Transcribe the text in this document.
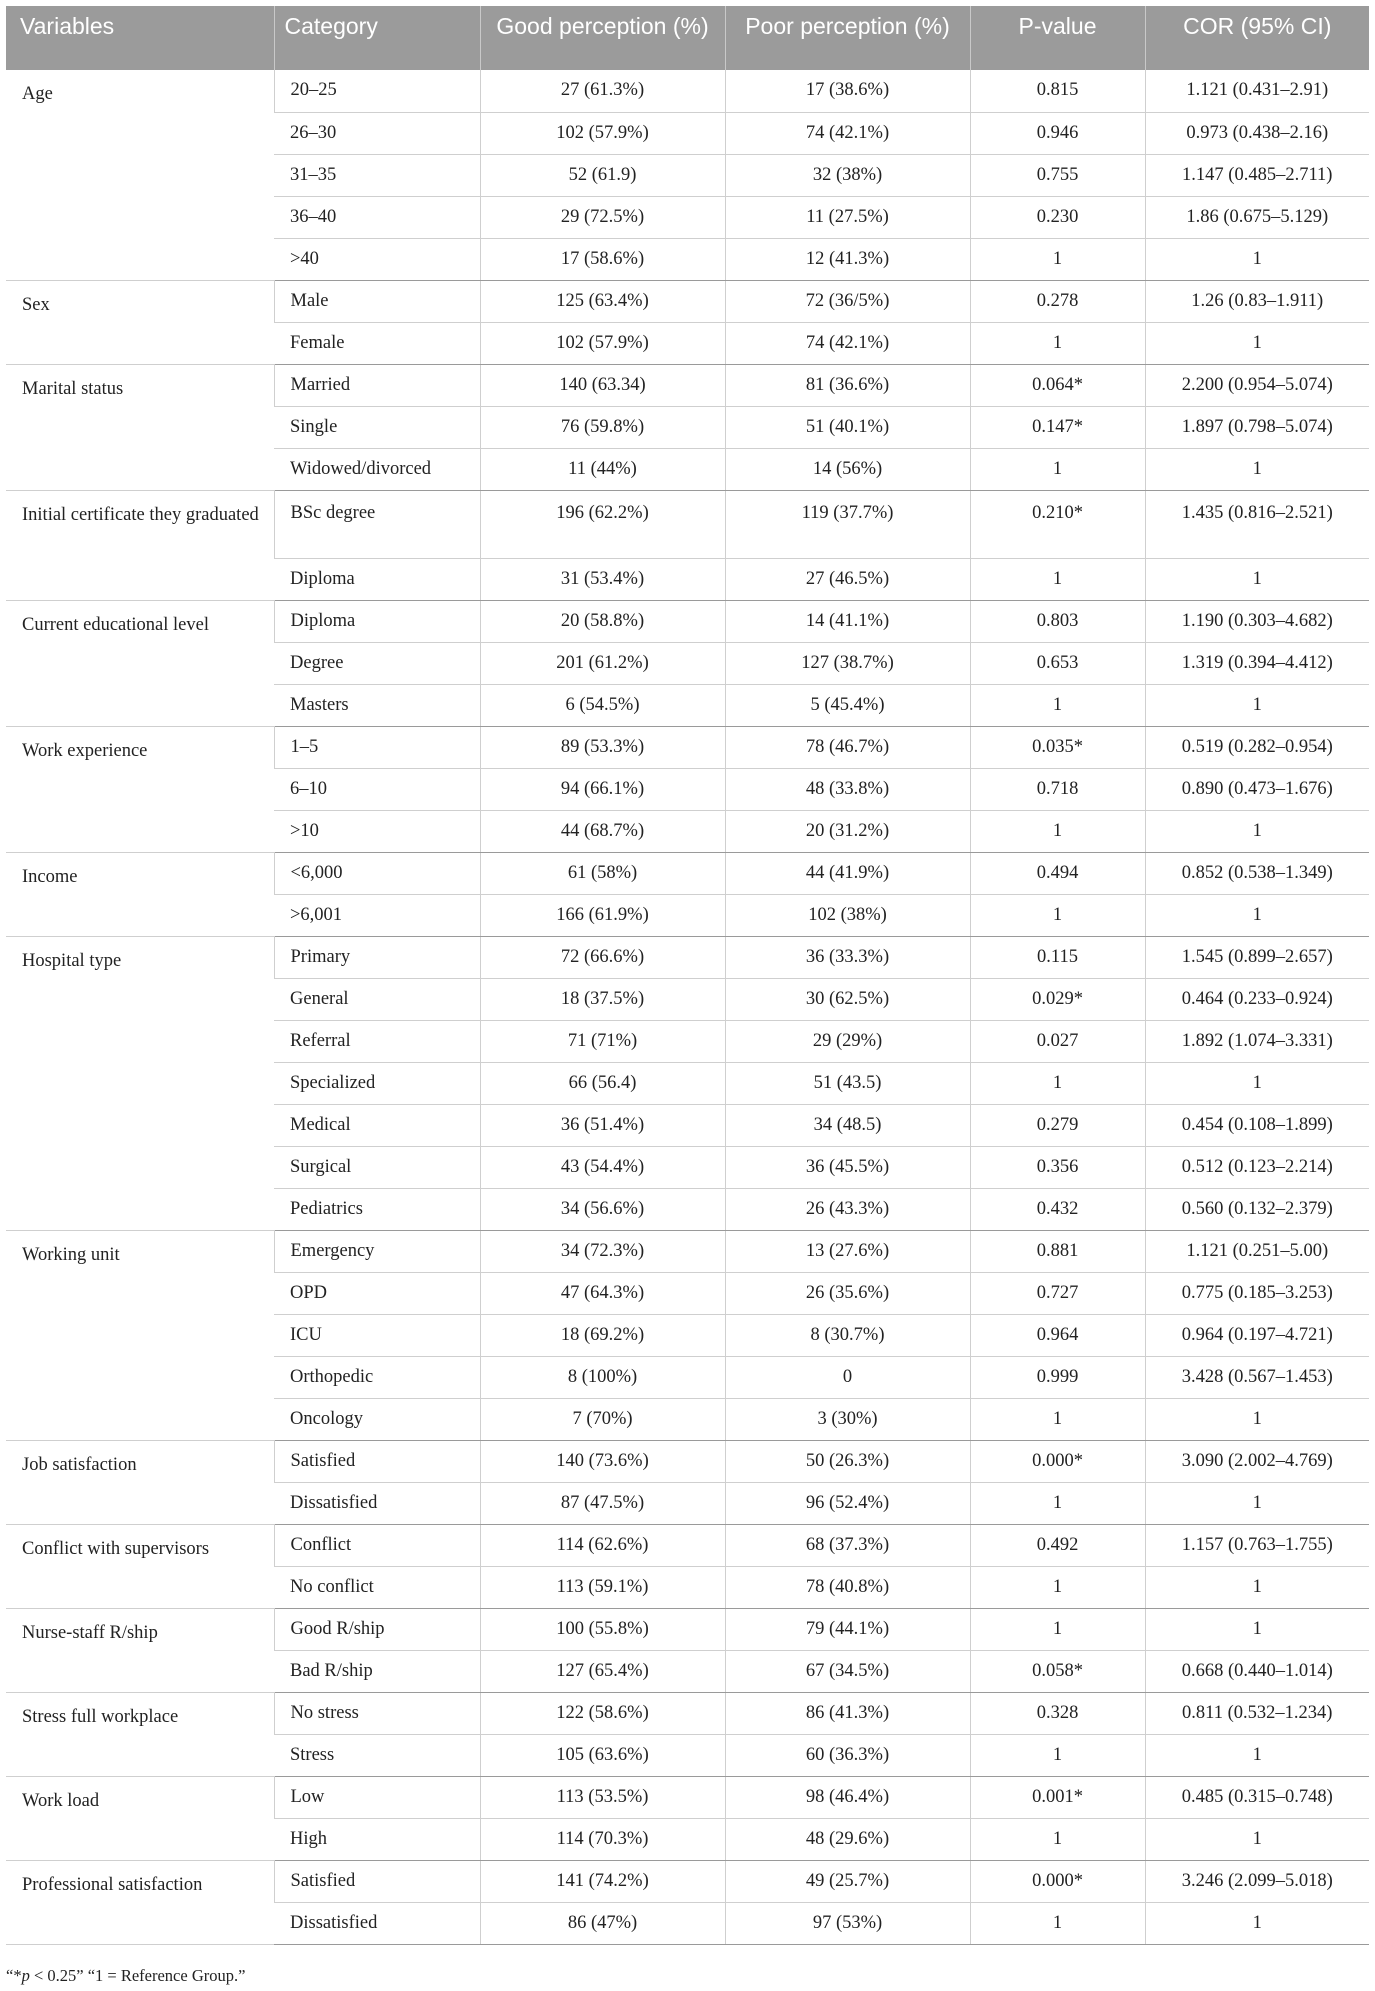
Variables	Category	Good perception (%)	Poor perception (%)	P-value	COR (95% CI)
Age	20–25	27 (61.3%)	17 (38.6%)	0.815	1.121 (0.431–2.91)
	26–30	102 (57.9%)	74 (42.1%)	0.946	0.973 (0.438–2.16)
	31–35	52 (61.9)	32 (38%)	0.755	1.147 (0.485–2.711)
	36–40	29 (72.5%)	11 (27.5%)	0.230	1.86 (0.675–5.129)
	>40	17 (58.6%)	12 (41.3%)	1	1
Sex	Male	125 (63.4%)	72 (36/5%)	0.278	1.26 (0.83–1.911)
	Female	102 (57.9%)	74 (42.1%)	1	1
Marital status	Married	140 (63.34)	81 (36.6%)	0.064*	2.200 (0.954–5.074)
	Single	76 (59.8%)	51 (40.1%)	0.147*	1.897 (0.798–5.074)
	Widowed/divorced	11 (44%)	14 (56%)	1	1
Initial certificate they graduated	BSc degree	196 (62.2%)	119 (37.7%)	0.210*	1.435 (0.816–2.521)
	Diploma	31 (53.4%)	27 (46.5%)	1	1
Current educational level	Diploma	20 (58.8%)	14 (41.1%)	0.803	1.190 (0.303–4.682)
	Degree	201 (61.2%)	127 (38.7%)	0.653	1.319 (0.394–4.412)
	Masters	6 (54.5%)	5 (45.4%)	1	1
Work experience	1–5	89 (53.3%)	78 (46.7%)	0.035*	0.519 (0.282–0.954)
	6–10	94 (66.1%)	48 (33.8%)	0.718	0.890 (0.473–1.676)
	>10	44 (68.7%)	20 (31.2%)	1	1
Income	<6,000	61 (58%)	44 (41.9%)	0.494	0.852 (0.538–1.349)
	>6,001	166 (61.9%)	102 (38%)	1	1
Hospital type	Primary	72 (66.6%)	36 (33.3%)	0.115	1.545 (0.899–2.657)
	General	18 (37.5%)	30 (62.5%)	0.029*	0.464 (0.233–0.924)
	Referral	71 (71%)	29 (29%)	0.027	1.892 (1.074–3.331)
	Specialized	66 (56.4)	51 (43.5)	1	1
	Medical	36 (51.4%)	34 (48.5)	0.279	0.454 (0.108–1.899)
	Surgical	43 (54.4%)	36 (45.5%)	0.356	0.512 (0.123–2.214)
	Pediatrics	34 (56.6%)	26 (43.3%)	0.432	0.560 (0.132–2.379)
Working unit	Emergency	34 (72.3%)	13 (27.6%)	0.881	1.121 (0.251–5.00)
	OPD	47 (64.3%)	26 (35.6%)	0.727	0.775 (0.185–3.253)
	ICU	18 (69.2%)	8 (30.7%)	0.964	0.964 (0.197–4.721)
	Orthopedic	8 (100%)	0	0.999	3.428 (0.567–1.453)
	Oncology	7 (70%)	3 (30%)	1	1
Job satisfaction	Satisfied	140 (73.6%)	50 (26.3%)	0.000*	3.090 (2.002–4.769)
	Dissatisfied	87 (47.5%)	96 (52.4%)	1	1
Conflict with supervisors	Conflict	114 (62.6%)	68 (37.3%)	0.492	1.157 (0.763–1.755)
	No conflict	113 (59.1%)	78 (40.8%)	1	1
Nurse-staff R/ship	Good R/ship	100 (55.8%)	79 (44.1%)	1	1
	Bad R/ship	127 (65.4%)	67 (34.5%)	0.058*	0.668 (0.440–1.014)
Stress full workplace	No stress	122 (58.6%)	86 (41.3%)	0.328	0.811 (0.532–1.234)
	Stress	105 (63.6%)	60 (36.3%)	1	1
Work load	Low	113 (53.5%)	98 (46.4%)	0.001*	0.485 (0.315–0.748)
	High	114 (70.3%)	48 (29.6%)	1	1
Professional satisfaction	Satisfied	141 (74.2%)	49 (25.7%)	0.000*	3.246 (2.099–5.018)
	Dissatisfied	86 (47%)	97 (53%)	1	1
“*p < 0.25” “1 = Reference Group.”
